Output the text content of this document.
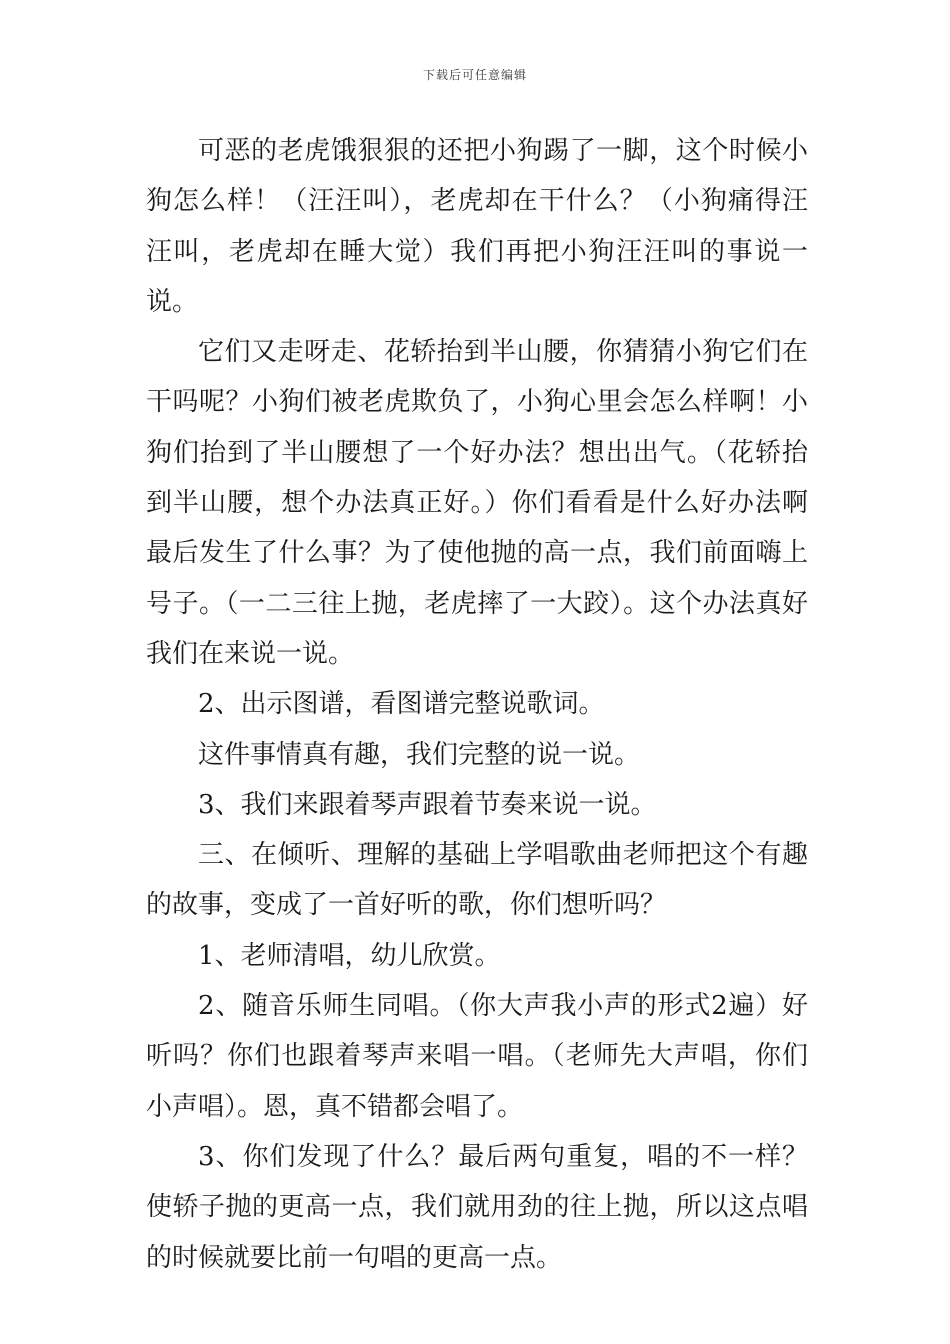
下载后可任意编辑

可恶的老虎饿狠狠的还把小狗踢了一脚，这个时候小狗怎么样！（汪汪叫），老虎却在干什么？（小狗痛得汪汪叫，老虎却在睡大觉）我们再把小狗汪汪叫的事说一说。

它们又走呀走、花轿抬到半山腰，你猜猜小狗它们在干吗呢？小狗们被老虎欺负了，小狗心里会怎么样啊！小狗们抬到了半山腰想了一个好办法？想出出气。（花轿抬到半山腰，想个办法真正好。）你们看看是什么好办法啊最后发生了什么事？为了使他抛的高一点，我们前面嗨上号子。（一二三往上抛，老虎摔了一大跤）。这个办法真好我们在来说一说。

2、出示图谱，看图谱完整说歌词。

这件事情真有趣，我们完整的说一说。

3、我们来跟着琴声跟着节奏来说一说。

三、在倾听、理解的基础上学唱歌曲老师把这个有趣的故事，变成了一首好听的歌，你们想听吗？

1、老师清唱，幼儿欣赏。

2、随音乐师生同唱。（你大声我小声的形式2遍）好听吗？你们也跟着琴声来唱一唱。（老师先大声唱，你们小声唱）。恩，真不错都会唱了。

3、你们发现了什么？最后两句重复，唱的不一样？使轿子抛的更高一点，我们就用劲的往上抛，所以这点唱的时候就要比前一句唱的更高一点。
